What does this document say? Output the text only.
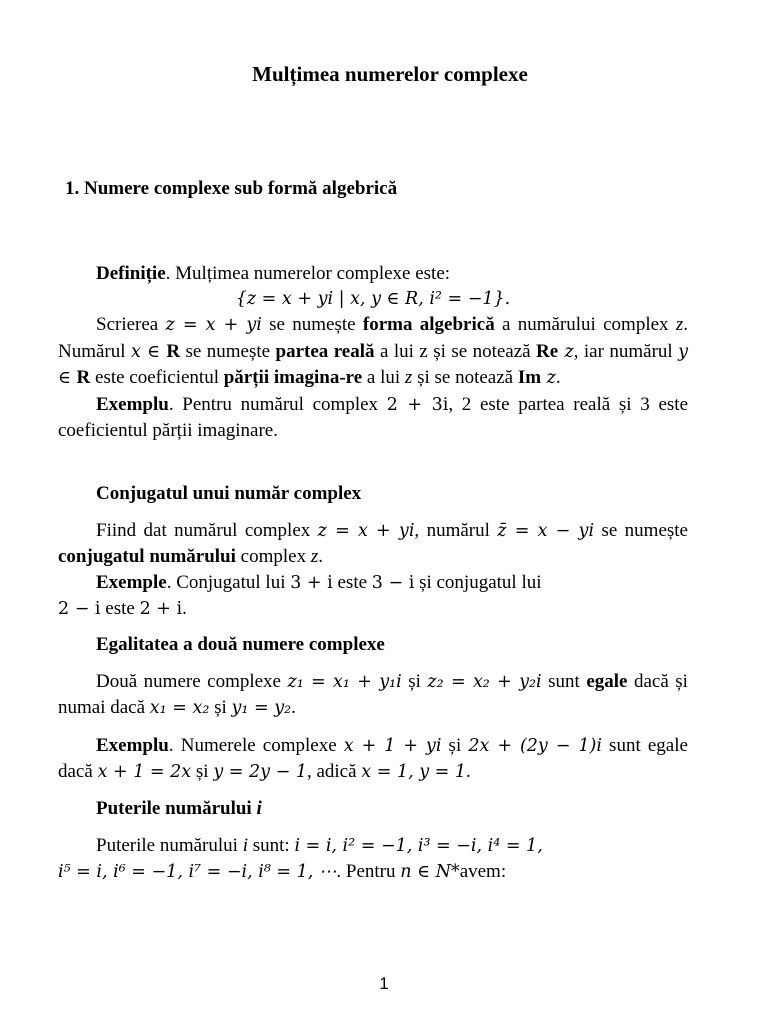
Mulțimea numerelor complexe
1. Numere complexe sub formă algebrică

Definiție. Mulțimea numerelor complexe este:

{z = x + yi | x, y ∈ R, i² = −1}.

Scrierea z = x + yi se numește forma algebrică a numărului complex z. Numărul x ∈ R se numește partea reală a lui z și se notează Re z, iar numărul y ∈ R este coeficientul părții imagina-re a lui z și se notează Im z.

Exemplu. Pentru numărul complex 2 + 3i, 2 este partea reală și 3 este coeficientul părții imaginare.

Conjugatul unui număr complex

Fiind dat numărul complex z = x + yi, numărul z̄ = x − yi se numește conjugatul numărului complex z.

Exemple. Conjugatul lui 3 + i este 3 − i și conjugatul lui
2 − i este 2 + i.

Egalitatea a două numere complexe

Două numere complexe z₁ = x₁ + y₁i și z₂ = x₂ + y₂i sunt egale dacă și numai dacă x₁ = x₂ și y₁ = y₂.

Exemplu. Numerele complexe x + 1 + yi și 2x + (2y − 1)i sunt egale dacă x + 1 = 2x și y = 2y − 1, adică x = 1, y = 1.

Puterile numărului i

Puterile numărului i sunt: i = i, i² = −1, i³ = −i, i⁴ = 1,
i⁵ = i, i⁶ = −1, i⁷ = −i, i⁸ = 1, ⋯. Pentru n ∈ N*avem:

1
